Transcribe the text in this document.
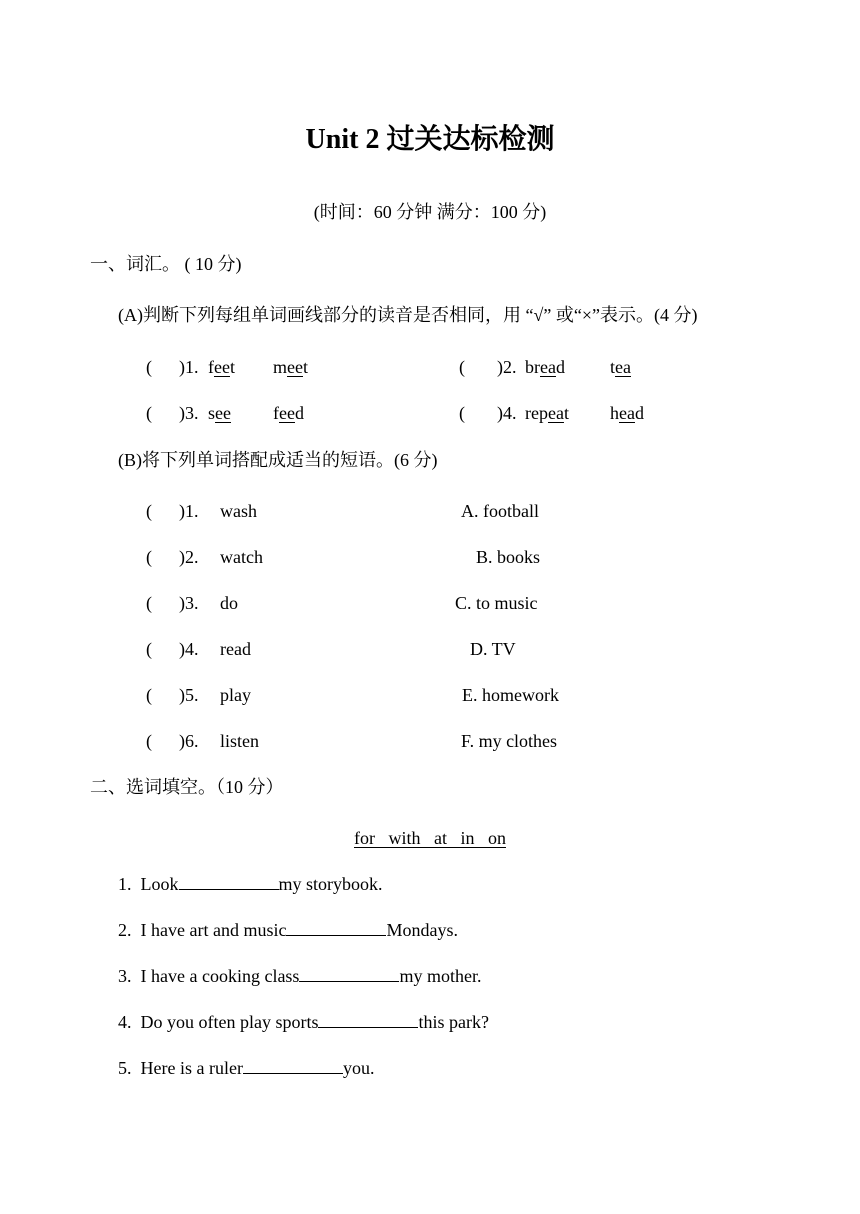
Unit 2 过关达标检测
(时间：60 分钟 满分：100 分)
一、词汇。 ( 10 分)
(A)判断下列每组单词画线部分的读音是否相同，用 “√” 或“×”表示。(4 分)
( )1. feet meet	( )2. bread	tea
( )3. see feed	( )4. repeat head
(B)将下列单词搭配成适当的短语。(6 分)
( )1. wash	A. football
( )2. watch	B. books
( )3. do	C. to music
( )4. read	D. TV
( )5. play	E. homework
( )6. listen	F. my clothes
二、选词填空。（10 分）
for   with   at   in   on
1. Look	my storybook.
2. I have art and music	Mondays.
3. I have a cooking class	my mother.
4. Do you often play sports	this park?
5. Here is a ruler	you.
